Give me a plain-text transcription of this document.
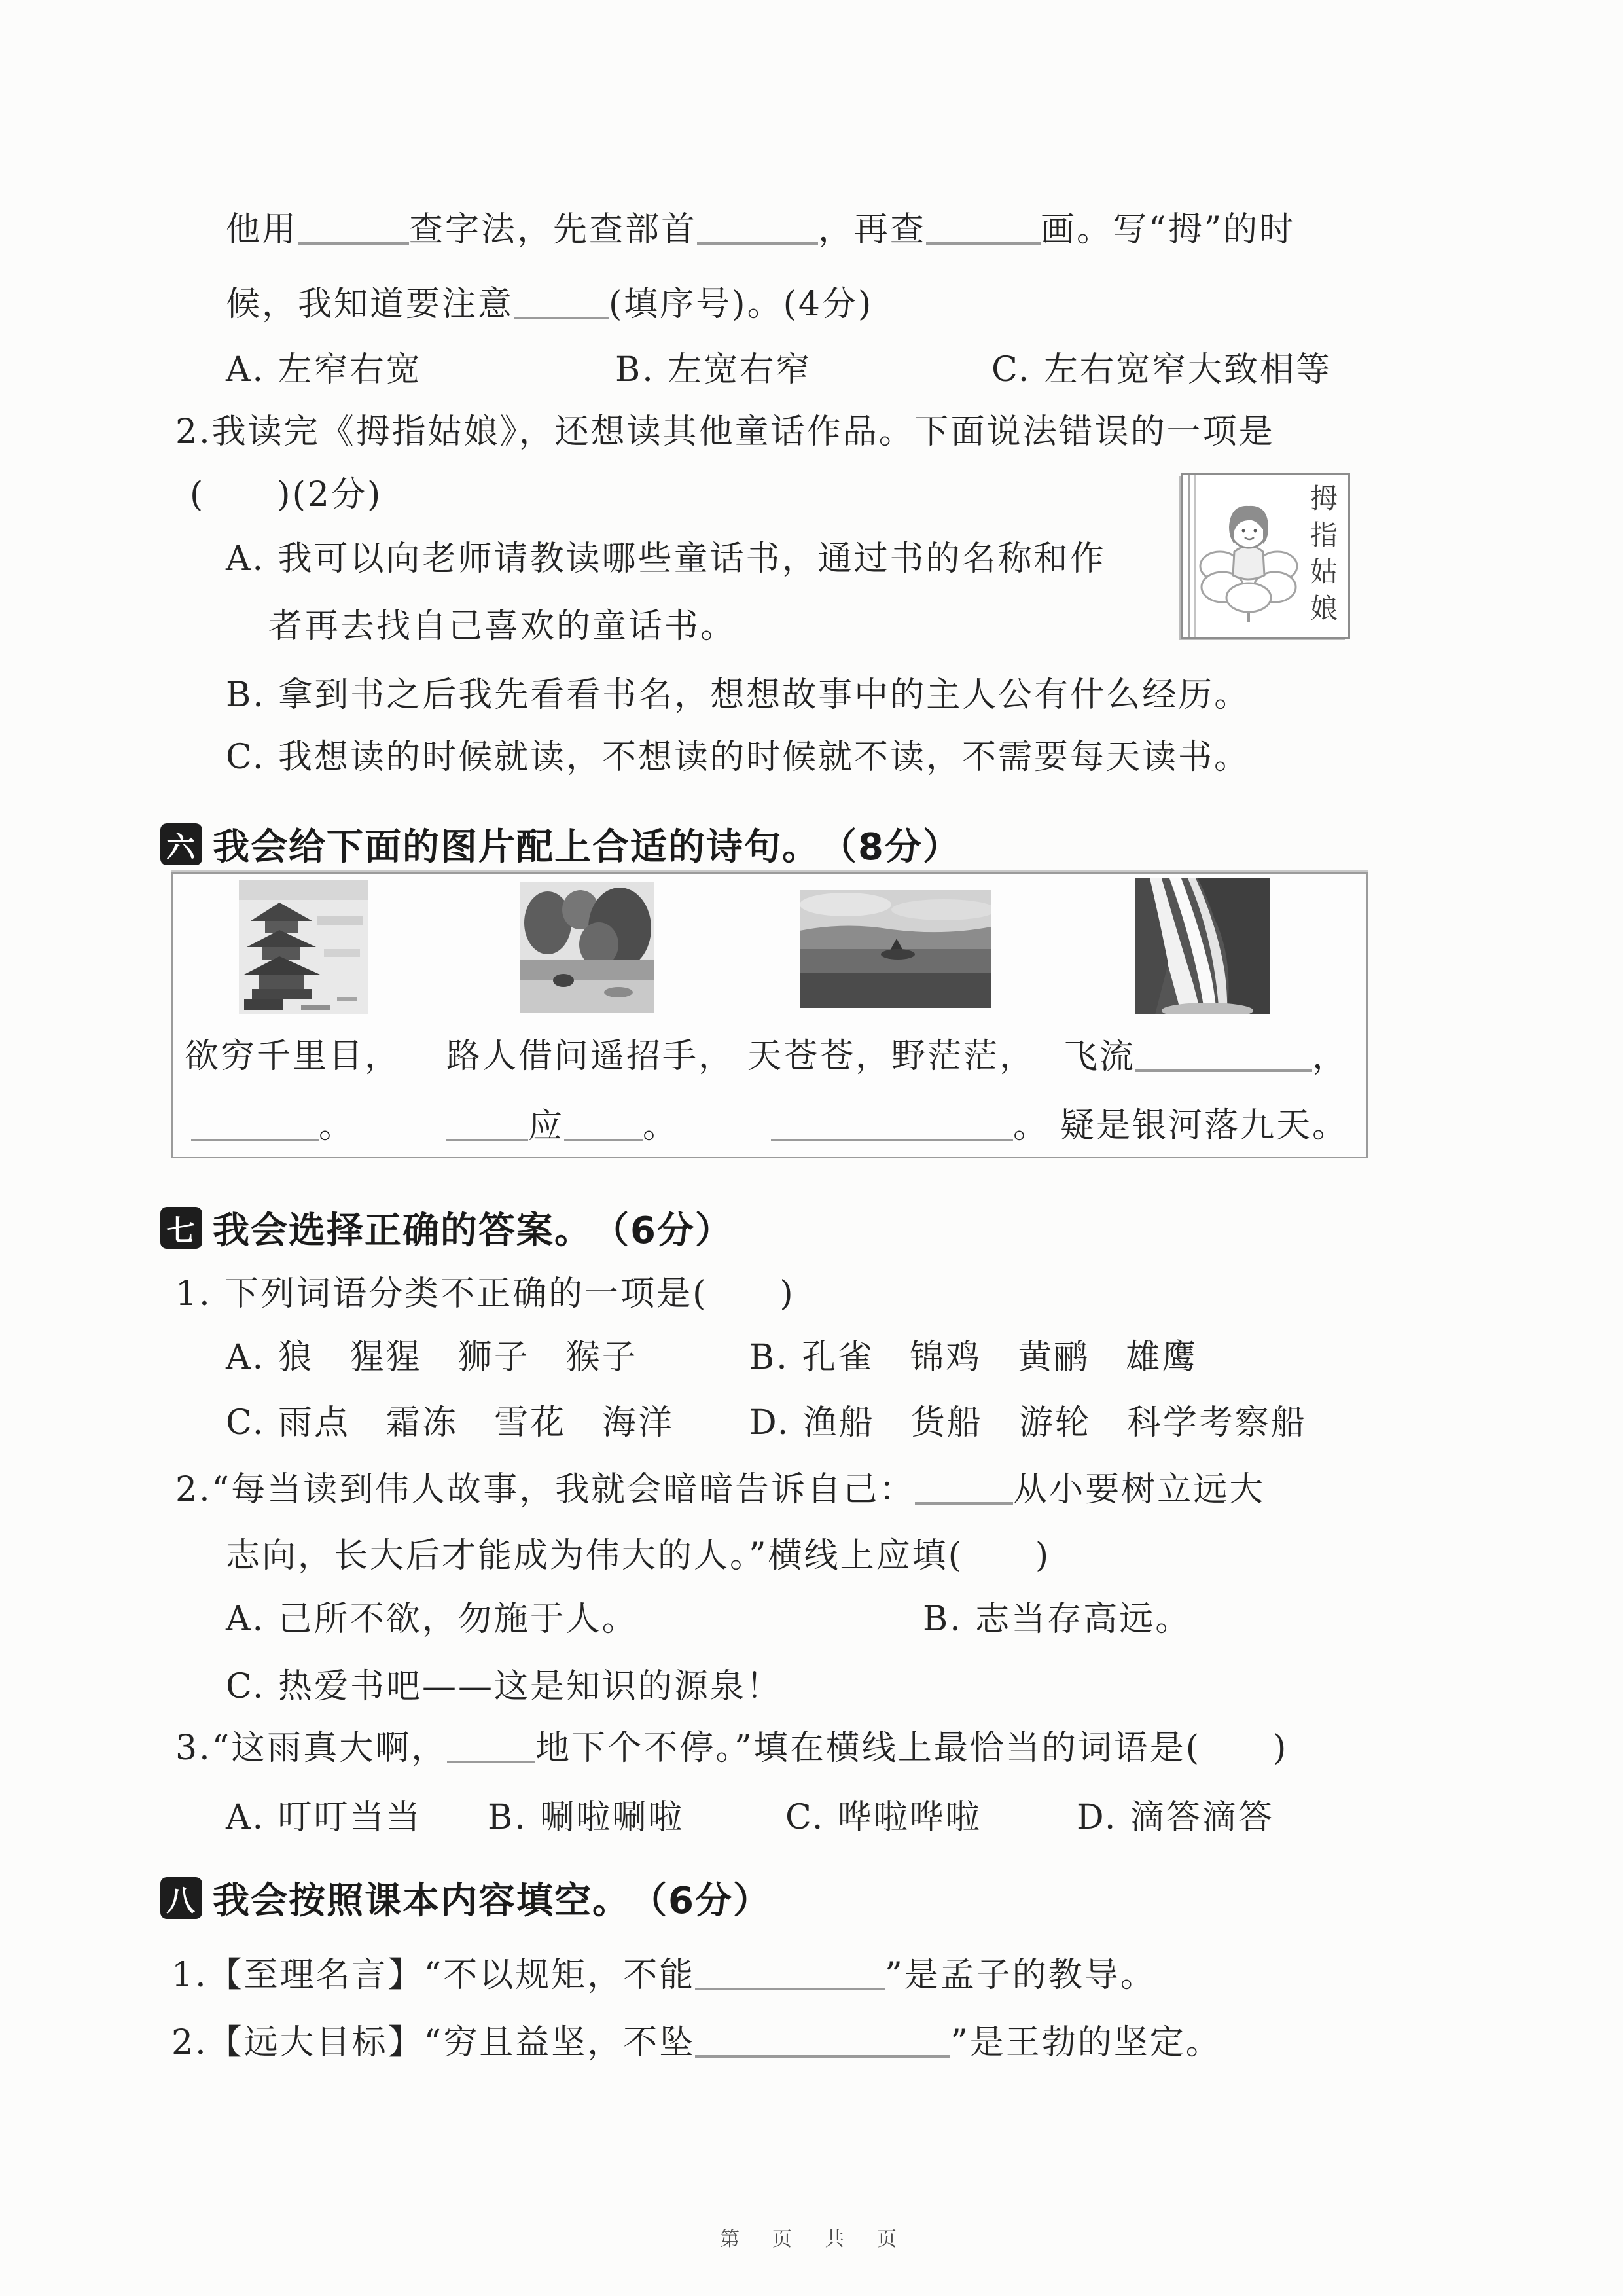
他用	查字法，先查部首	，再查	画。写“拇”的时
候，我知道要注意	(填序号)。(4分)
A. 左窄右宽	B. 左宽右窄	C. 左右宽窄大致相等
2.我读完《拇指姑娘》，还想读其他童话作品。下面说法错误的一项是
(　　)(2分)
A. 我可以向老师请教读哪些童话书，通过书的名称和作
者再去找自己喜欢的童话书。
B. 拿到书之后我先看看书名，想想故事中的主人公有什么经历。
C. 我想读的时候就读，不想读的时候就不读，不需要每天读书。
拇指姑娘
六 我会给下面的图片配上合适的诗句。 （8分）
欲穷千里目， 路人借问遥招手， 天苍苍，野茫茫， 飞流	，
。	应 。	。 疑是银河落九天。
七 我会选择正确的答案。 （6分）
1. 下列词语分类不正确的一项是(　　)
A. 狼　猩猩　狮子　猴子	B. 孔雀　锦鸡　黄鹂　雄鹰
C. 雨点　霜冻　雪花　海洋 D. 渔船　货船　游轮　科学考察船
2.“每当读到伟人故事，我就会暗暗告诉自己：	从小要树立远大
志向，长大后才能成为伟大的人。”横线上应填(　　)
A. 己所不欲，勿施于人。	B. 志当存高远。
C. 热爱书吧——这是知识的源泉！
3.“这雨真大啊，	地下个不停。”填在横线上最恰当的词语是(　　)
A. 叮叮当当 B. 唰啦唰啦	C. 哗啦哗啦	D. 滴答滴答
八 我会按照课本内容填空。 （6分）
1.【至理名言】“不以规矩，不能	”是孟子的教导。
2.【远大目标】“穷且益坚，不坠	”是王勃的坚定。
第　页　共　页
